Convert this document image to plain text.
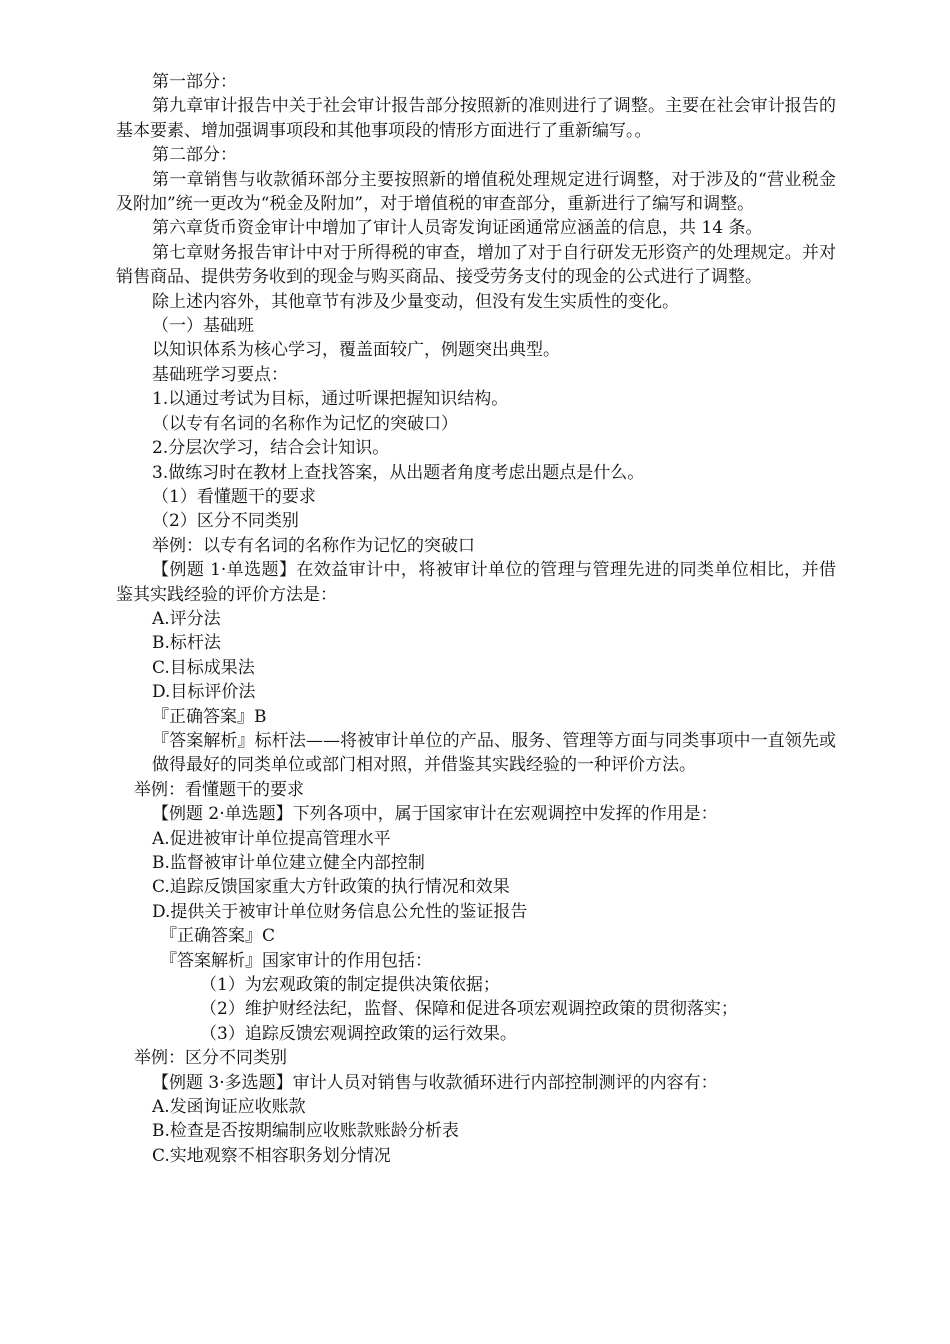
第一部分：

第九章审计报告中关于社会审计报告部分按照新的准则进行了调整。主要在社会审计报告的基本要素、增加强调事项段和其他事项段的情形方面进行了重新编写。。

第二部分：

第一章销售与收款循环部分主要按照新的增值税处理规定进行调整，对于涉及的“营业税金及附加”统一更改为“税金及附加”，对于增值税的审查部分，重新进行了编写和调整。

第六章货币资金审计中增加了审计人员寄发询证函通常应涵盖的信息，共 14 条。

第七章财务报告审计中对于所得税的审查，增加了对于自行研发无形资产的处理规定。并对销售商品、提供劳务收到的现金与购买商品、接受劳务支付的现金的公式进行了调整。

除上述内容外，其他章节有涉及少量变动，但没有发生实质性的变化。

（一）基础班

以知识体系为核心学习，覆盖面较广，例题突出典型。

基础班学习要点：

1.以通过考试为目标，通过听课把握知识结构。

（以专有名词的名称作为记忆的突破口）

2.分层次学习，结合会计知识。

3.做练习时在教材上查找答案，从出题者角度考虑出题点是什么。

（1）看懂题干的要求

（2）区分不同类别

举例：以专有名词的名称作为记忆的突破口

【例题 1·单选题】在效益审计中，将被审计单位的管理与管理先进的同类单位相比，并借鉴其实践经验的评价方法是：

A.评分法

B.标杆法

C.目标成果法

D.目标评价法

『正确答案』B

『答案解析』标杆法——将被审计单位的产品、服务、管理等方面与同类事项中一直领先或做得最好的同类单位或部门相对照，并借鉴其实践经验的一种评价方法。

举例：看懂题干的要求

【例题 2·单选题】下列各项中，属于国家审计在宏观调控中发挥的作用是：

A.促进被审计单位提高管理水平

B.监督被审计单位建立健全内部控制

C.追踪反馈国家重大方针政策的执行情况和效果

D.提供关于被审计单位财务信息公允性的鉴证报告

『正确答案』C

『答案解析』国家审计的作用包括：

（1）为宏观政策的制定提供决策依据；

（2）维护财经法纪，监督、保障和促进各项宏观调控政策的贯彻落实；

（3）追踪反馈宏观调控政策的运行效果。

举例：区分不同类别

【例题 3·多选题】审计人员对销售与收款循环进行内部控制测评的内容有：

A.发函询证应收账款

B.检查是否按期编制应收账款账龄分析表

C.实地观察不相容职务划分情况
